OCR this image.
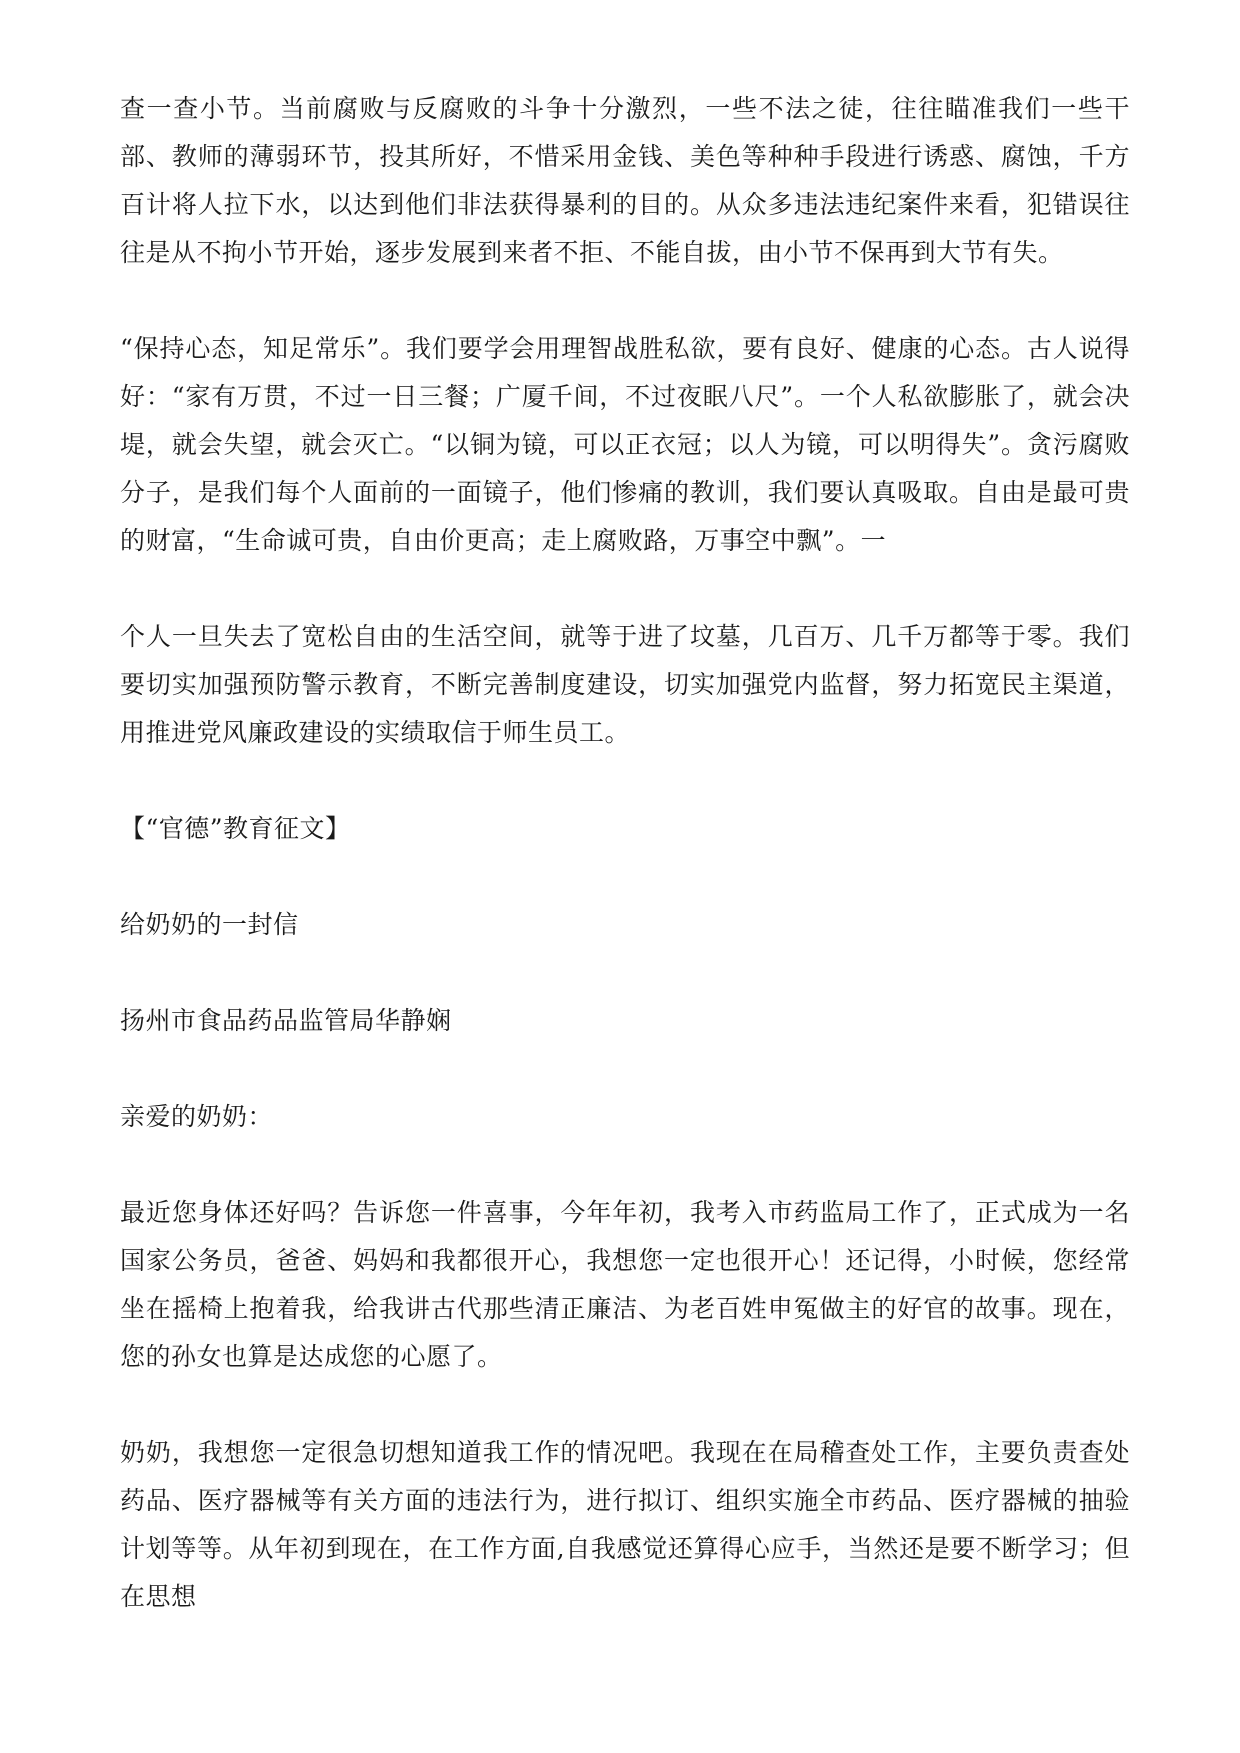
查一查小节。当前腐败与反腐败的斗争十分激烈，一些不法之徒，往往瞄准我们一些干部、教师的薄弱环节，投其所好，不惜采用金钱、美色等种种手段进行诱惑、腐蚀，千方百计将人拉下水，以达到他们非法获得暴利的目的。从众多违法违纪案件来看，犯错误往往是从不拘小节开始，逐步发展到来者不拒、不能自拔，由小节不保再到大节有失。

“保持心态，知足常乐”。我们要学会用理智战胜私欲，要有良好、健康的心态。古人说得好：“家有万贯，不过一日三餐；广厦千间，不过夜眠八尺”。一个人私欲膨胀了，就会决堤，就会失望，就会灭亡。“以铜为镜，可以正衣冠；以人为镜，可以明得失”。贪污腐败分子，是我们每个人面前的一面镜子，他们惨痛的教训，我们要认真吸取。自由是最可贵的财富，“生命诚可贵，自由价更高；走上腐败路，万事空中飘”。一

个人一旦失去了宽松自由的生活空间，就等于进了坟墓，几百万、几千万都等于零。我们要切实加强预防警示教育，不断完善制度建设，切实加强党内监督，努力拓宽民主渠道，用推进党风廉政建设的实绩取信于师生员工。

【“官德”教育征文】

给奶奶的一封信

扬州市食品药品监管局华静娴

亲爱的奶奶：

最近您身体还好吗？告诉您一件喜事，今年年初，我考入市药监局工作了，正式成为一名国家公务员，爸爸、妈妈和我都很开心，我想您一定也很开心！还记得，小时候，您经常坐在摇椅上抱着我，给我讲古代那些清正廉洁、为老百姓申冤做主的好官的故事。现在，您的孙女也算是达成您的心愿了。

奶奶，我想您一定很急切想知道我工作的情况吧。我现在在局稽查处工作，主要负责查处药品、医疗器械等有关方面的违法行为，进行拟订、组织实施全市药品、医疗器械的抽验计划等等。从年初到现在，在工作方面,自我感觉还算得心应手，当然还是要不断学习；但在思想
